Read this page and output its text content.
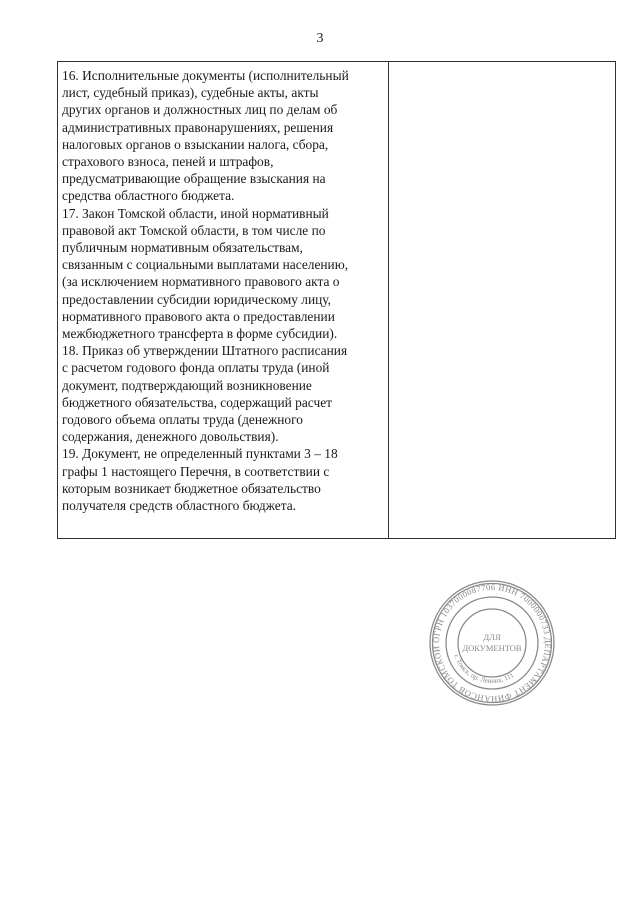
3

16. Исполнительные документы (исполнительный
лист, судебный приказ), судебные акты, акты
других органов и должностных лиц по делам об
административных правонарушениях, решения
налоговых органов о взыскании налога, сбора,
страхового взноса, пеней и штрафов,
предусматривающие обращение взыскания на
средства областного бюджета.

17. Закон Томской области, иной нормативный
правовой акт Томской области, в том числе по
публичным нормативным обязательствам,
связанным с социальными выплатами населению,
(за исключением нормативного правового акта о
предоставлении субсидии юридическому лицу,
нормативного правового акта о предоставлении
межбюджетного трансферта в форме субсидии).

18. Приказ об утверждении Штатного расписания
с расчетом годового фонда оплаты труда (иной
документ, подтверждающий возникновение
бюджетного обязательства, содержащий расчет
годового объема оплаты труда (денежного
содержания, денежного довольствия).

19. Документ, не определенный пунктами 3 – 18
графы 1 настоящего Перечня, в соответствии с
которым возникает бюджетное обязательство
получателя средств областного бюджета.

ОГРН 1037000087706 ИНН 7000000733 ДЕПАРТАМЕНТ ФИНАНСОВ ТОМСКОЙ
г. Томск, пр. Ленина, 111
ДЛЯ
ДОКУМЕНТОВ
